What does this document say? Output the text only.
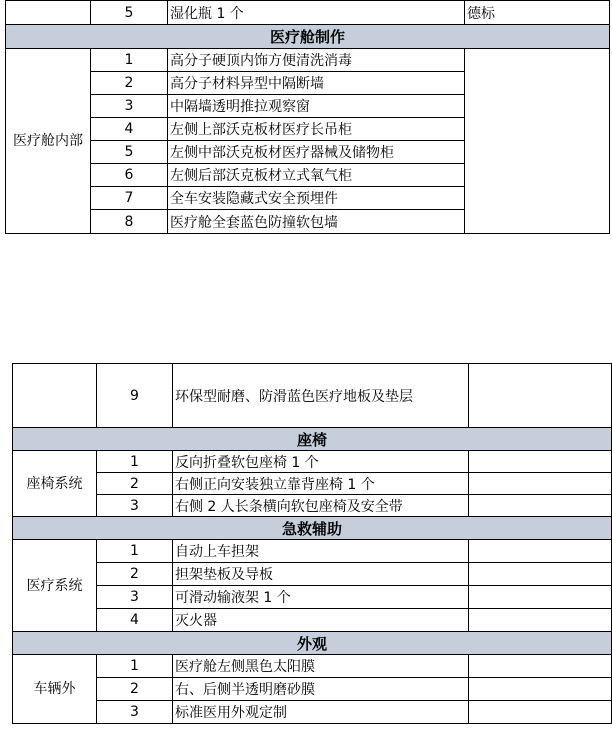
	5	湿化瓶 1 个	德标
医疗舱制作			
医疗舱内部	1	高分子硬顶内饰方便清洗消毒	
	2	高分子材料异型中隔断墙	
	3	中隔墙透明推拉观察窗	
	4	左侧上部沃克板材医疗长吊柜	
	5	左侧中部沃克板材医疗器械及储物柜	
	6	左侧后部沃克板材立式氧气柜	
	7	全车安装隐藏式安全预埋件	
	8	医疗舱全套蓝色防撞软包墙	
	9	环保型耐磨、防滑蓝色医疗地板及垫层	
座椅			
座椅系统	1	反向折叠软包座椅 1 个	
	2	右侧正向安装独立靠背座椅 1 个	
	3	右侧 2 人长条横向软包座椅及安全带	
急救辅助			
医疗系统	1	自动上车担架	
	2	担架垫板及导板	
	3	可滑动输液架 1 个	
	4	灭火器	
外观			
车辆外	1	医疗舱左侧黑色太阳膜	
	2	右、后侧半透明磨砂膜	
	3	标准医用外观定制	
